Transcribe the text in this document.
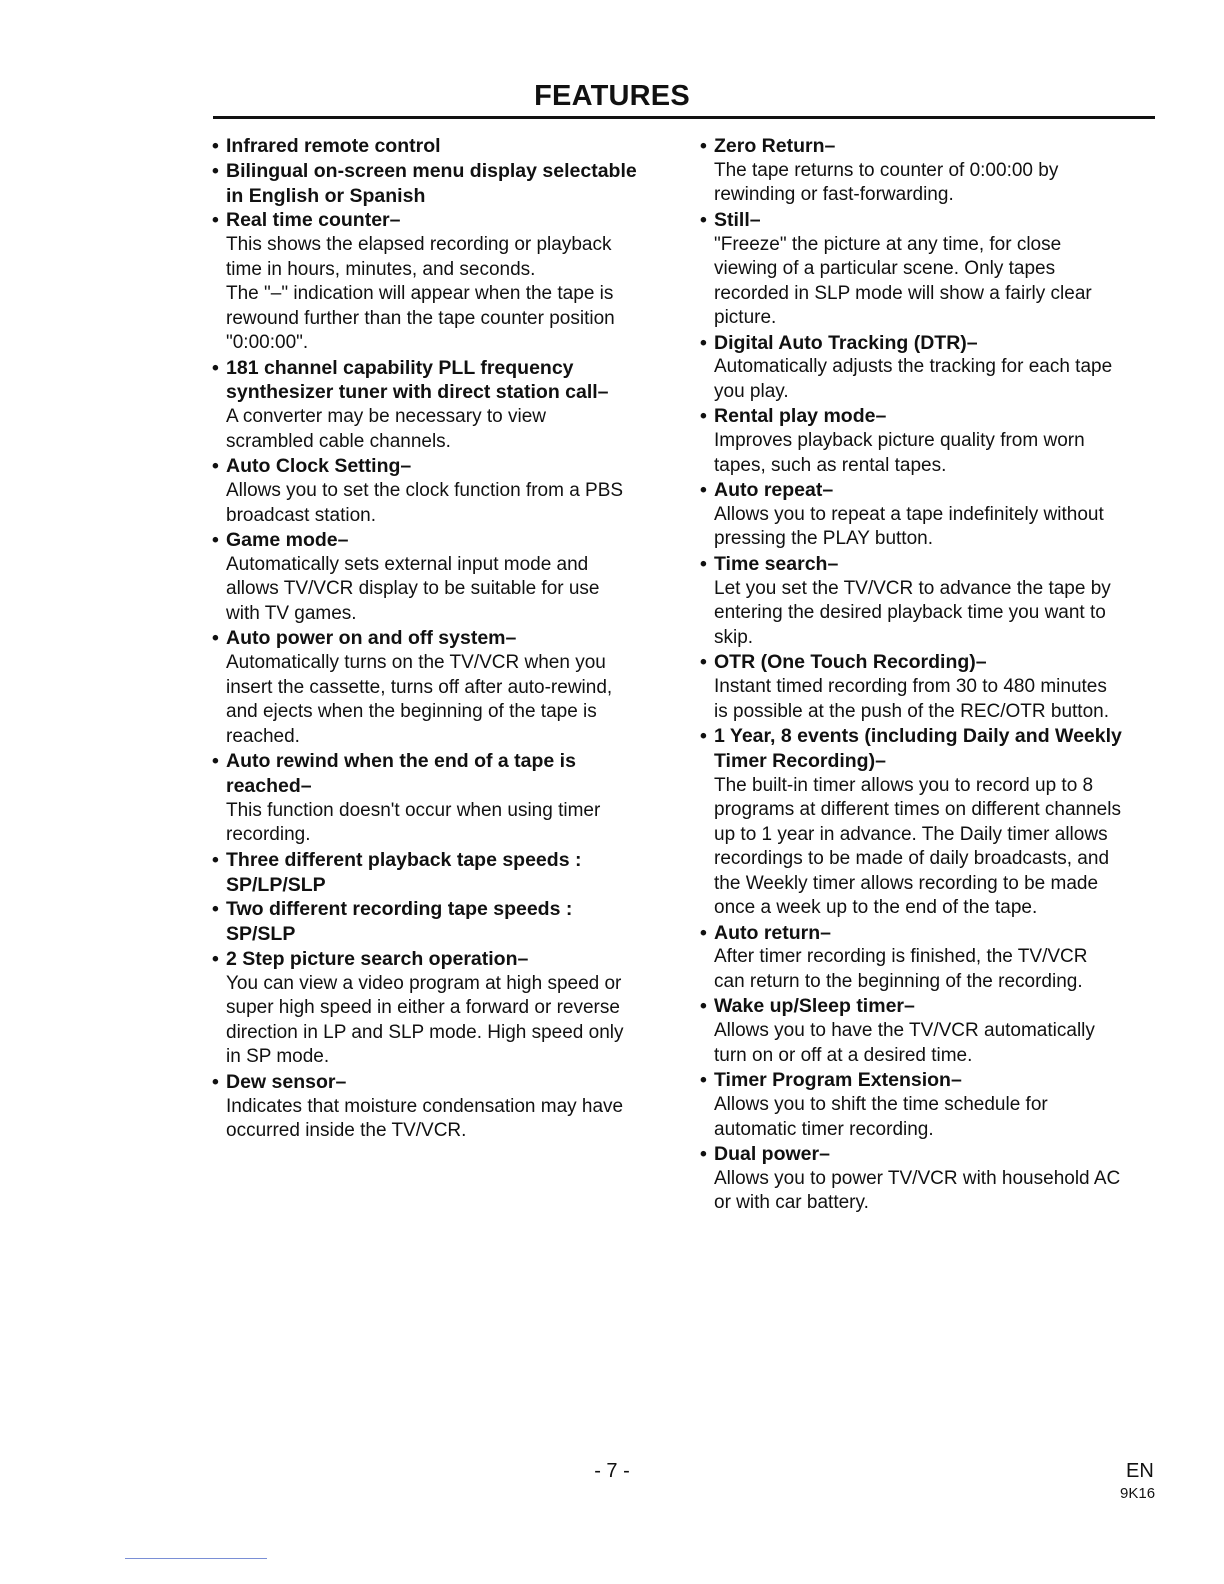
FEATURES
• Infrared remote control
• Bilingual on-screen menu display selectable
in English or Spanish
• Real time counter–
This shows the elapsed recording or playback
time in hours, minutes, and seconds.
The "–" indication will appear when the tape is
rewound further than the tape counter position
"0:00:00".
• 181 channel capability PLL frequency
synthesizer tuner with direct station call–
A converter may be necessary to view
scrambled cable channels.
• Auto Clock Setting–
Allows you to set the clock function from a PBS
broadcast station.
• Game mode–
Automatically sets external input mode and
allows TV/VCR display to be suitable for use
with TV games.
• Auto power on and off system–
Automatically turns on the TV/VCR when you
insert the cassette, turns off after auto-rewind,
and ejects when the beginning of the tape is
reached.
• Auto rewind when the end of a tape is
reached–
This function doesn't occur when using timer
recording.
• Three different playback tape speeds :
SP/LP/SLP
• Two different recording tape speeds :
SP/SLP
• 2 Step picture search operation–
You can view a video program at high speed or
super high speed in either a forward or reverse
direction in LP and SLP mode. High speed only
in SP mode.
• Dew sensor–
Indicates that moisture condensation may have
occurred inside the TV/VCR.
• Zero Return–
The tape returns to counter of 0:00:00 by
rewinding or fast-forwarding.
• Still–
"Freeze" the picture at any time, for close
viewing of a particular scene. Only tapes
recorded in SLP mode will show a fairly clear
picture.
• Digital Auto Tracking (DTR)–
Automatically adjusts the tracking for each tape
you play.
• Rental play mode–
Improves playback picture quality from worn
tapes, such as rental tapes.
• Auto repeat–
Allows you to repeat a tape indefinitely without
pressing the PLAY button.
• Time search–
Let you set the TV/VCR to advance the tape by
entering the desired playback time you want to
skip.
• OTR (One Touch Recording)–
Instant timed recording from 30 to 480 minutes
is possible at the push of the REC/OTR button.
• 1 Year, 8 events (including Daily and Weekly
Timer Recording)–
The built-in timer allows you to record up to 8
programs at different times on different channels
up to 1 year in advance. The Daily timer allows
recordings to be made of daily broadcasts, and
the Weekly timer allows recording to be made
once a week up to the end of the tape.
• Auto return–
After timer recording is finished, the TV/VCR
can return to the beginning of the recording.
• Wake up/Sleep timer–
Allows you to have the TV/VCR automatically
turn on or off at a desired time.
• Timer Program Extension–
Allows you to shift the time schedule for
automatic timer recording.
• Dual power–
Allows you to power TV/VCR with household AC
or with car battery.
- 7 -	EN
9K16
